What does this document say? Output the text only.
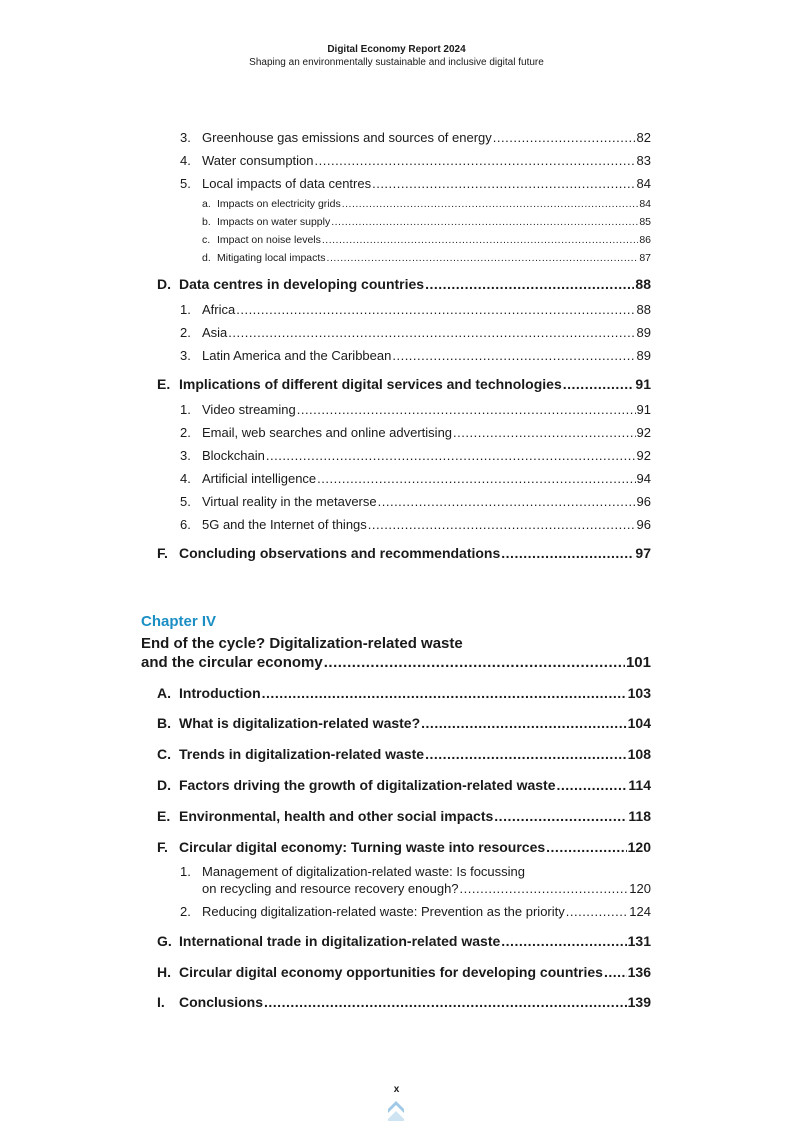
Digital Economy Report 2024
Shaping an environmentally sustainable and inclusive digital future
3. Greenhouse gas emissions and sources of energy .....	82
4. Water consumption .....	83
5. Local impacts of data centres .....	84
a. Impacts on electricity grids .....	84
b. Impacts on water supply .....	85
c. Impact on noise levels .....	86
d. Mitigating local impacts .....	87
D. Data centres in developing countries .....	88
1. Africa .....	88
2. Asia .....	89
3. Latin America and the Caribbean .....	89
E. Implications of different digital services and technologies .....	91
1. Video streaming .....	91
2. Email, web searches and online advertising .....	92
3. Blockchain .....	92
4. Artificial intelligence .....	94
5. Virtual reality in the metaverse .....	96
6. 5G and the Internet of things .....	96
F. Concluding observations and recommendations .....	97
Chapter IV
End of the cycle? Digitalization-related waste
and the circular economy .....	101
A. Introduction .....	103
B. What is digitalization-related waste? .....	104
C. Trends in digitalization-related waste .....	108
D. Factors driving the growth of digitalization-related waste .....	114
E. Environmental, health and other social impacts .....	118
F. Circular digital economy: Turning waste into resources .....	120
1. Management of digitalization-related waste: Is focussing
on recycling and resource recovery enough? .....	120
2. Reducing digitalization-related waste: Prevention as the priority .....	124
G. International trade in digitalization-related waste .....	131
H. Circular digital economy opportunities for developing countries ..... 136
I.	Conclusions .....	139
x
